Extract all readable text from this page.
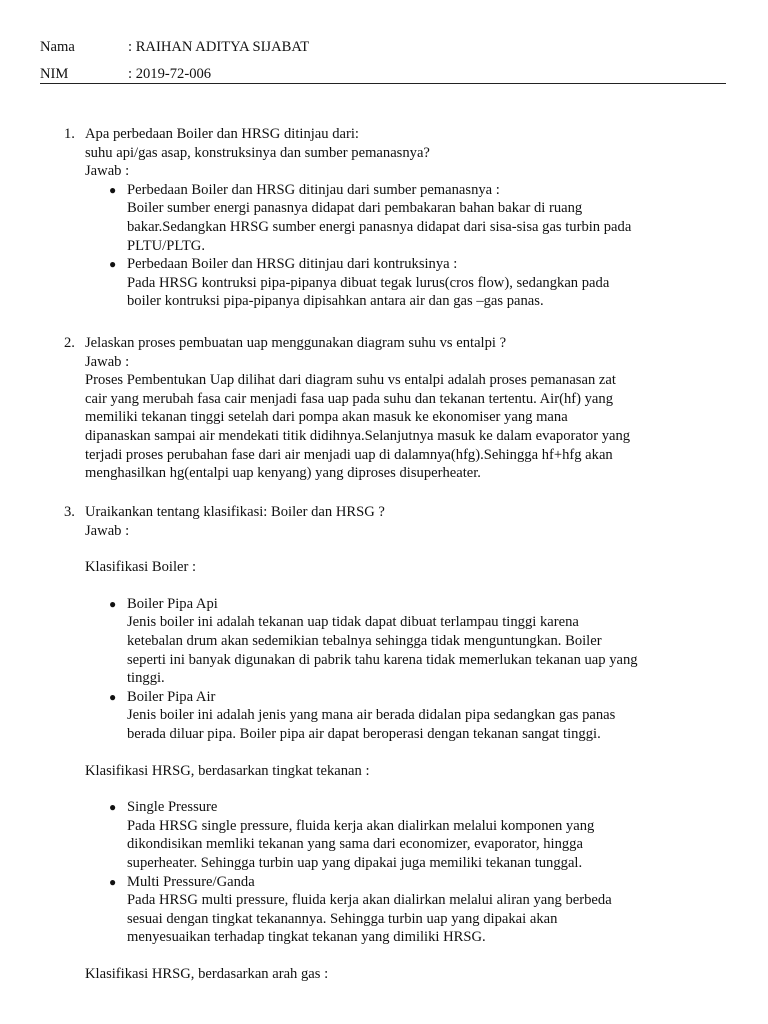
Nama	: RAIHAN ADITYA SIJABAT
NIM	: 2019-72-006
1. Apa perbedaan Boiler dan HRSG ditinjau dari:

suhu api/gas asap, konstruksinya dan sumber pemanasnya?

Jawab :

● Perbedaan Boiler dan HRSG ditinjau dari sumber pemanasnya :

Boiler sumber energi panasnya didapat dari pembakaran bahan bakar di ruang

bakar.Sedangkan HRSG sumber energi panasnya didapat dari sisa-sisa gas turbin pada

PLTU/PLTG.

● Perbedaan Boiler dan HRSG ditinjau dari kontruksinya :

Pada HRSG kontruksi pipa-pipanya dibuat tegak lurus(cros flow), sedangkan pada

boiler kontruksi pipa-pipanya dipisahkan antara air dan gas –gas panas.

2. Jelaskan proses pembuatan uap menggunakan diagram suhu vs entalpi ?

Jawab :

Proses Pembentukan Uap dilihat dari diagram suhu vs entalpi adalah proses pemanasan zat

cair yang merubah fasa cair menjadi fasa uap pada suhu dan tekanan tertentu. Air(hf) yang

memiliki tekanan tinggi setelah dari pompa akan masuk ke ekonomiser yang mana

dipanaskan sampai air mendekati titik didihnya.Selanjutnya masuk ke dalam evaporator yang

terjadi proses perubahan fase dari air menjadi uap di dalamnya(hfg).Sehingga hf+hfg akan

menghasilkan hg(entalpi uap kenyang) yang diproses disuperheater.

3. Uraikankan tentang klasifikasi: Boiler dan HRSG ?

Jawab :

Klasifikasi Boiler :

● Boiler Pipa Api

Jenis boiler ini adalah tekanan uap tidak dapat dibuat terlampau tinggi karena

ketebalan drum akan sedemikian tebalnya sehingga tidak menguntungkan. Boiler

seperti ini banyak digunakan di pabrik tahu karena tidak memerlukan tekanan uap yang

tinggi.

● Boiler Pipa Air

Jenis boiler ini adalah jenis yang mana air berada didalan pipa sedangkan gas panas

berada diluar pipa. Boiler pipa air dapat beroperasi dengan tekanan sangat tinggi.

Klasifikasi HRSG, berdasarkan tingkat tekanan :

● Single Pressure

Pada HRSG single pressure, fluida kerja akan dialirkan melalui komponen yang

dikondisikan memliki tekanan yang sama dari economizer, evaporator, hingga

superheater. Sehingga turbin uap yang dipakai juga memiliki tekanan tunggal.

● Multi Pressure/Ganda

Pada HRSG multi pressure, fluida kerja akan dialirkan melalui aliran yang berbeda

sesuai dengan tingkat tekanannya. Sehingga turbin uap yang dipakai akan

menyesuaikan terhadap tingkat tekanan yang dimiliki HRSG.

Klasifikasi HRSG, berdasarkan arah gas :
